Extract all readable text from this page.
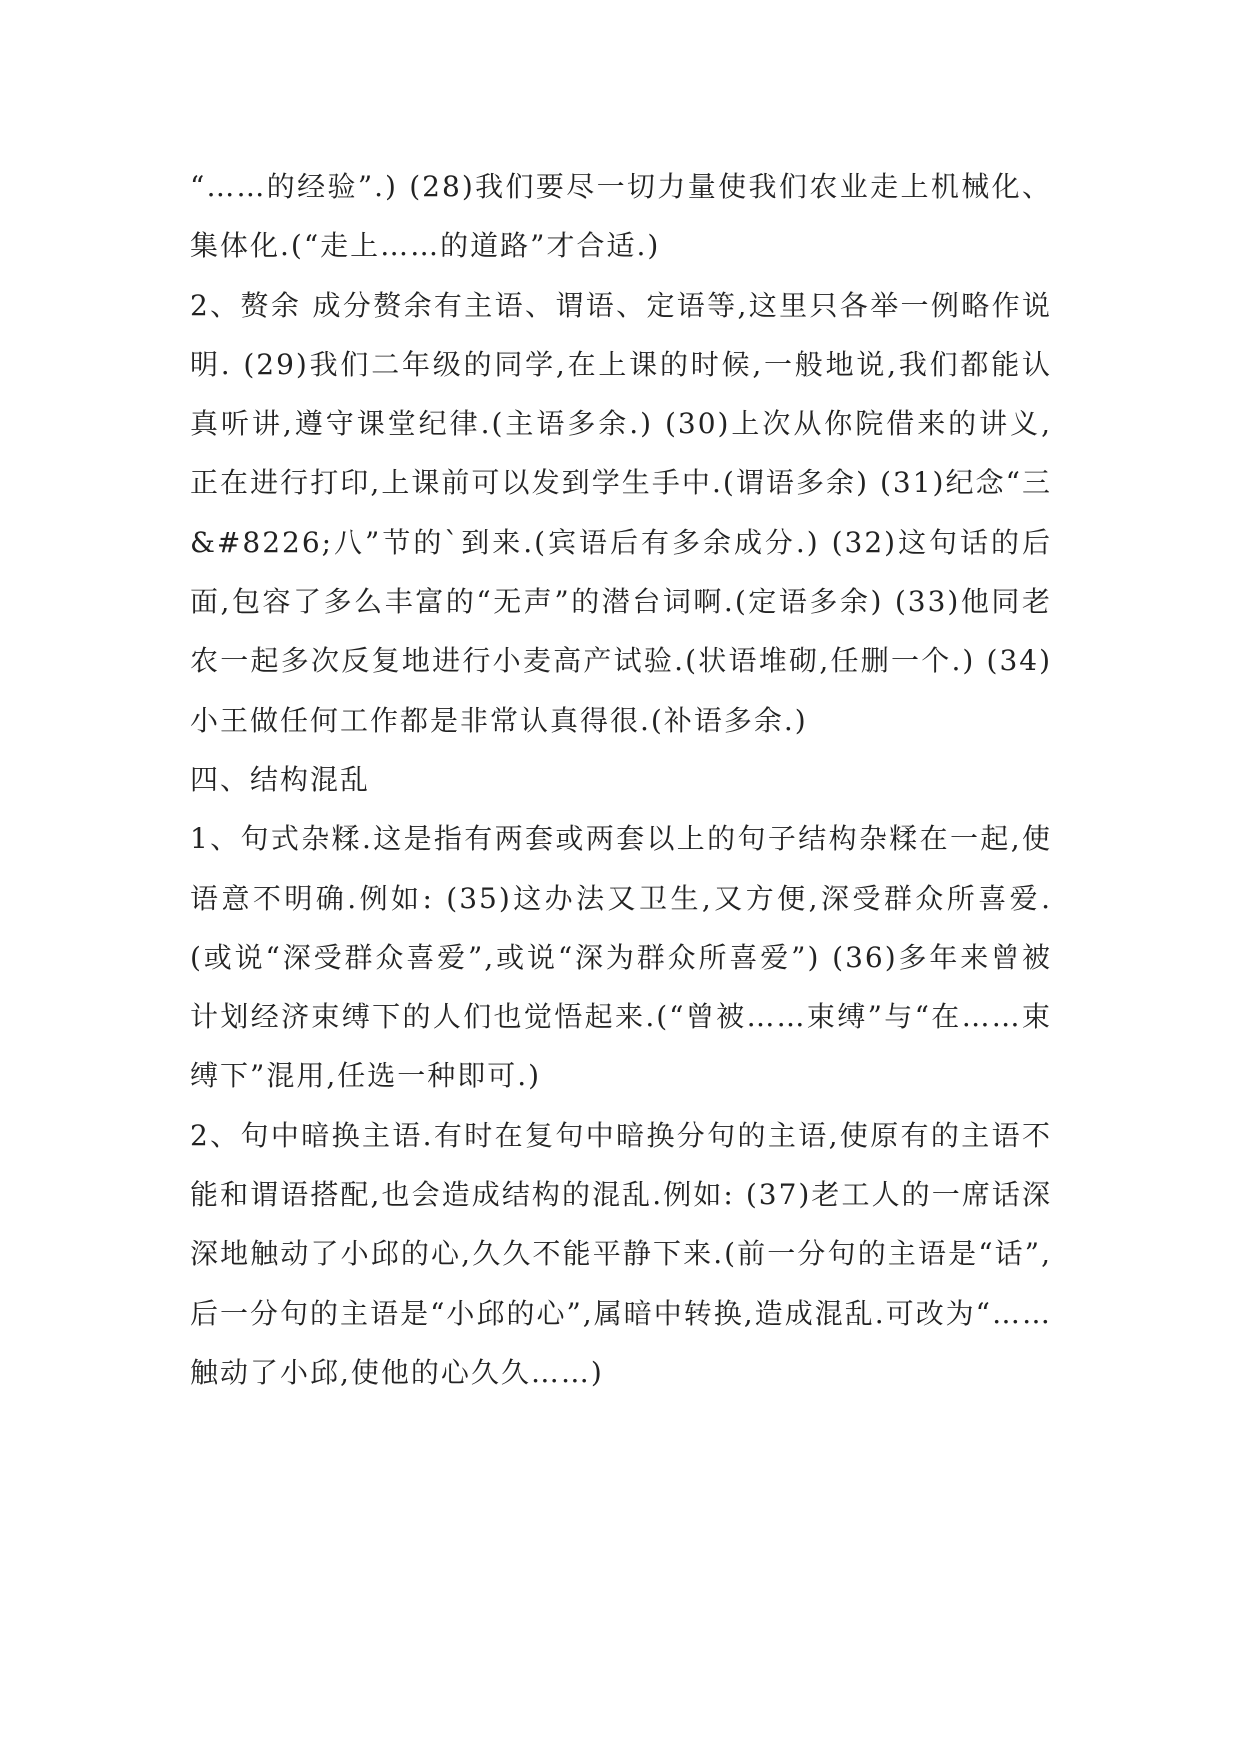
“……的经验”.) (28)我们要尽一切力量使我们农业走上机械化、集体化.(“走上……的道路”才合适.)

2、赘余 成分赘余有主语、谓语、定语等,这里只各举一例略作说明. (29)我们二年级的同学,在上课的时候,一般地说,我们都能认真听讲,遵守课堂纪律.(主语多余.) (30)上次从你院借来的讲义,正在进行打印,上课前可以发到学生手中.(谓语多余) (31)纪念“三&#8226;八”节的`到来.(宾语后有多余成分.) (32)这句话的后面,包容了多么丰富的“无声”的潜台词啊.(定语多余) (33)他同老农一起多次反复地进行小麦高产试验.(状语堆砌,任删一个.) (34)小王做任何工作都是非常认真得很.(补语多余.)

四、结构混乱

1、句式杂糅.这是指有两套或两套以上的句子结构杂糅在一起,使语意不明确.例如: (35)这办法又卫生,又方便,深受群众所喜爱.(或说“深受群众喜爱”,或说“深为群众所喜爱”) (36)多年来曾被计划经济束缚下的人们也觉悟起来.(“曾被……束缚”与“在……束缚下”混用,任选一种即可.)

2、句中暗换主语.有时在复句中暗换分句的主语,使原有的主语不能和谓语搭配,也会造成结构的混乱.例如: (37)老工人的一席话深深地触动了小邱的心,久久不能平静下来.(前一分句的主语是“话”,后一分句的主语是“小邱的心”,属暗中转换,造成混乱.可改为“……触动了小邱,使他的心久久……)
